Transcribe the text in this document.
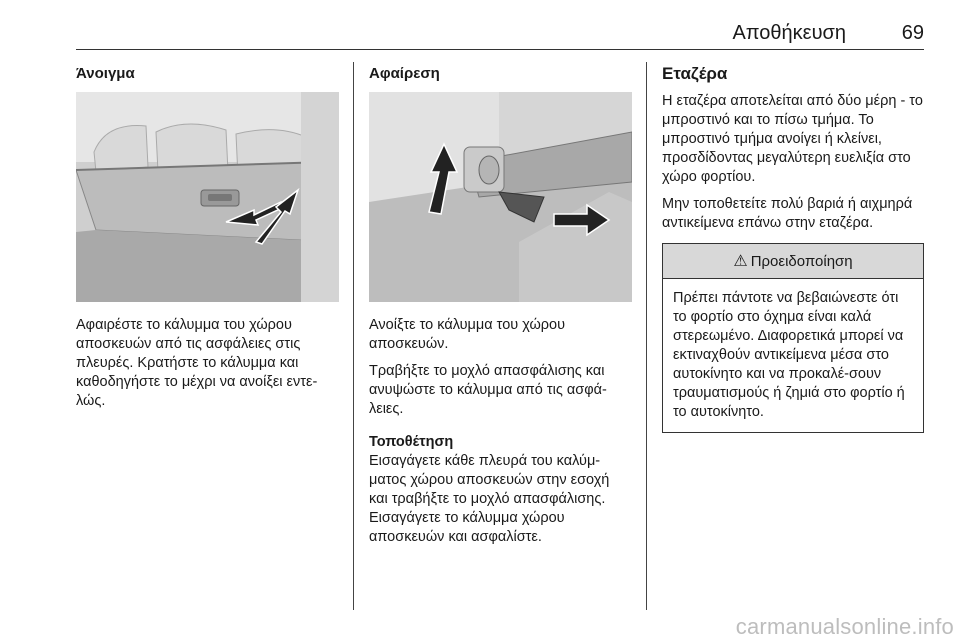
Αποθήκευση	69
Άνοιγμα

Αφαιρέστε το κάλυμμα του χώρου αποσκευών από τις ασφάλειες στις πλευρές. Κρατήστε το κάλυμμα και καθοδηγήστε το μέχρι να ανοίξει εντε-λώς.

Αφαίρεση

Ανοίξτε το κάλυμμα του χώρου αποσκευών.

Τραβήξτε το μοχλό απασφάλισης και ανυψώστε το κάλυμμα από τις ασφά-λειες.

Τοποθέτηση

Εισαγάγετε κάθε πλευρά του καλύμ-ματος χώρου αποσκευών στην εσοχή και τραβήξτε το μοχλό απασφάλισης. Εισαγάγετε το κάλυμμα χώρου αποσκευών και ασφαλίστε.

Εταζέρα

Η εταζέρα αποτελείται από δύο μέρη - το μπροστινό και το πίσω τμήμα. Το μπροστινό τμήμα ανοίγει ή κλείνει, προσδίδοντας μεγαλύτερη ευελιξία στο χώρο φορτίου.

Μην τοποθετείτε πολύ βαριά ή αιχμηρά αντικείμενα επάνω στην εταζέρα.

⚠ Προειδοποίηση
Πρέπει πάντοτε να βεβαιώνεστε ότι το φορτίο στο όχημα είναι καλά στερεωμένο. Διαφορετικά μπορεί να εκτιναχθούν αντικείμενα μέσα στο αυτοκίνητο και να προκαλέ-σουν τραυματισμούς ή ζημιά στο φορτίο ή το αυτοκίνητο.
carmanualsonline.info
